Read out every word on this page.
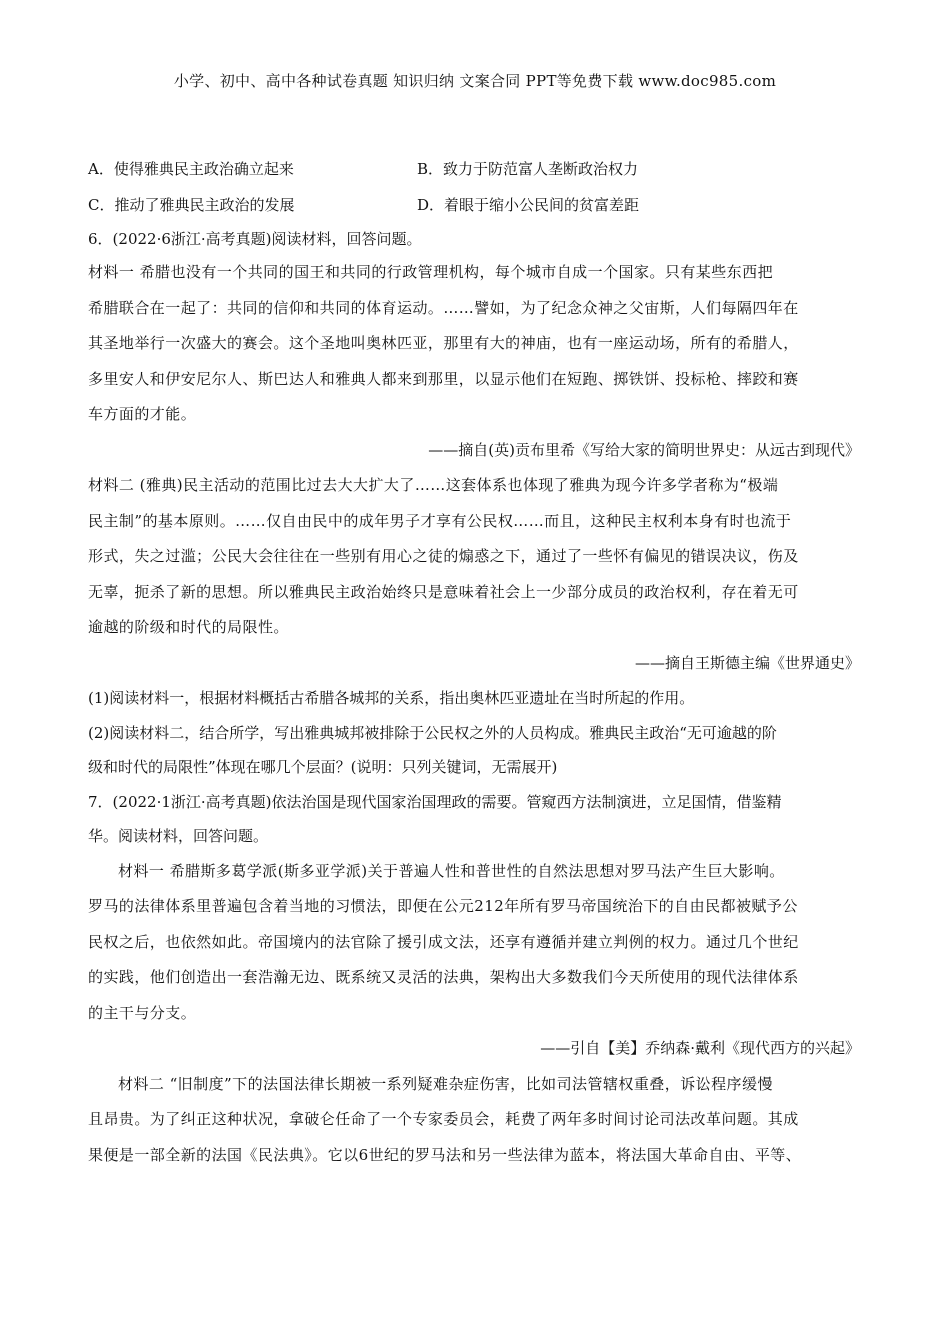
小学、初中、高中各种试卷真题 知识归纳 文案合同 PPT等免费下载 www.doc985.com
A．使得雅典民主政治确立起来	B．致力于防范富人垄断政治权力
C．推动了雅典民主政治的发展	D．着眼于缩小公民间的贫富差距
6．(2022·6浙江·高考真题)阅读材料，回答问题。
材料一 希腊也没有一个共同的国王和共同的行政管理机构，每个城市自成一个国家。只有某些东西把
希腊联合在一起了：共同的信仰和共同的体育运动。……譬如，为了纪念众神之父宙斯，人们每隔四年在
其圣地举行一次盛大的赛会。这个圣地叫奥林匹亚，那里有大的神庙，也有一座运动场，所有的希腊人，
多里安人和伊安尼尔人、斯巴达人和雅典人都来到那里，以显示他们在短跑、掷铁饼、投标枪、摔跤和赛
车方面的才能。
——摘自(英)贡布里希《写给大家的简明世界史：从远古到现代》
材料二 (雅典)民主活动的范围比过去大大扩大了……这套体系也体现了雅典为现今许多学者称为“极端
民主制”的基本原则。……仅自由民中的成年男子才享有公民权……而且，这种民主权利本身有时也流于
形式，失之过滥；公民大会往往在一些别有用心之徒的煽惑之下，通过了一些怀有偏见的错误决议，伤及
无辜，扼杀了新的思想。所以雅典民主政治始终只是意味着社会上一少部分成员的政治权利，存在着无可
逾越的阶级和时代的局限性。
——摘自王斯德主编《世界通史》
(1)阅读材料一，根据材料概括古希腊各城邦的关系，指出奥林匹亚遗址在当时所起的作用。
(2)阅读材料二，结合所学，写出雅典城邦被排除于公民权之外的人员构成。雅典民主政治“无可逾越的阶
级和时代的局限性”体现在哪几个层面？(说明：只列关键词，无需展开)
7．(2022·1浙江·高考真题)依法治国是现代国家治国理政的需要。管窥西方法制演进，立足国情，借鉴精
华。阅读材料，回答问题。
材料一 希腊斯多葛学派(斯多亚学派)关于普遍人性和普世性的自然法思想对罗马法产生巨大影响。
罗马的法律体系里普遍包含着当地的习惯法，即便在公元212年所有罗马帝国统治下的自由民都被赋予公
民权之后，也依然如此。帝国境内的法官除了援引成文法，还享有遵循并建立判例的权力。通过几个世纪
的实践，他们创造出一套浩瀚无边、既系统又灵活的法典，架构出大多数我们今天所使用的现代法律体系
的主干与分支。
——引自【美】乔纳森·戴利《现代西方的兴起》
材料二 “旧制度”下的法国法律长期被一系列疑难杂症伤害，比如司法管辖权重叠，诉讼程序缓慢
且昂贵。为了纠正这种状况，拿破仑任命了一个专家委员会，耗费了两年多时间讨论司法改革问题。其成
果便是一部全新的法国《民法典》。它以6世纪的罗马法和另一些法律为蓝本，将法国大革命自由、平等、
